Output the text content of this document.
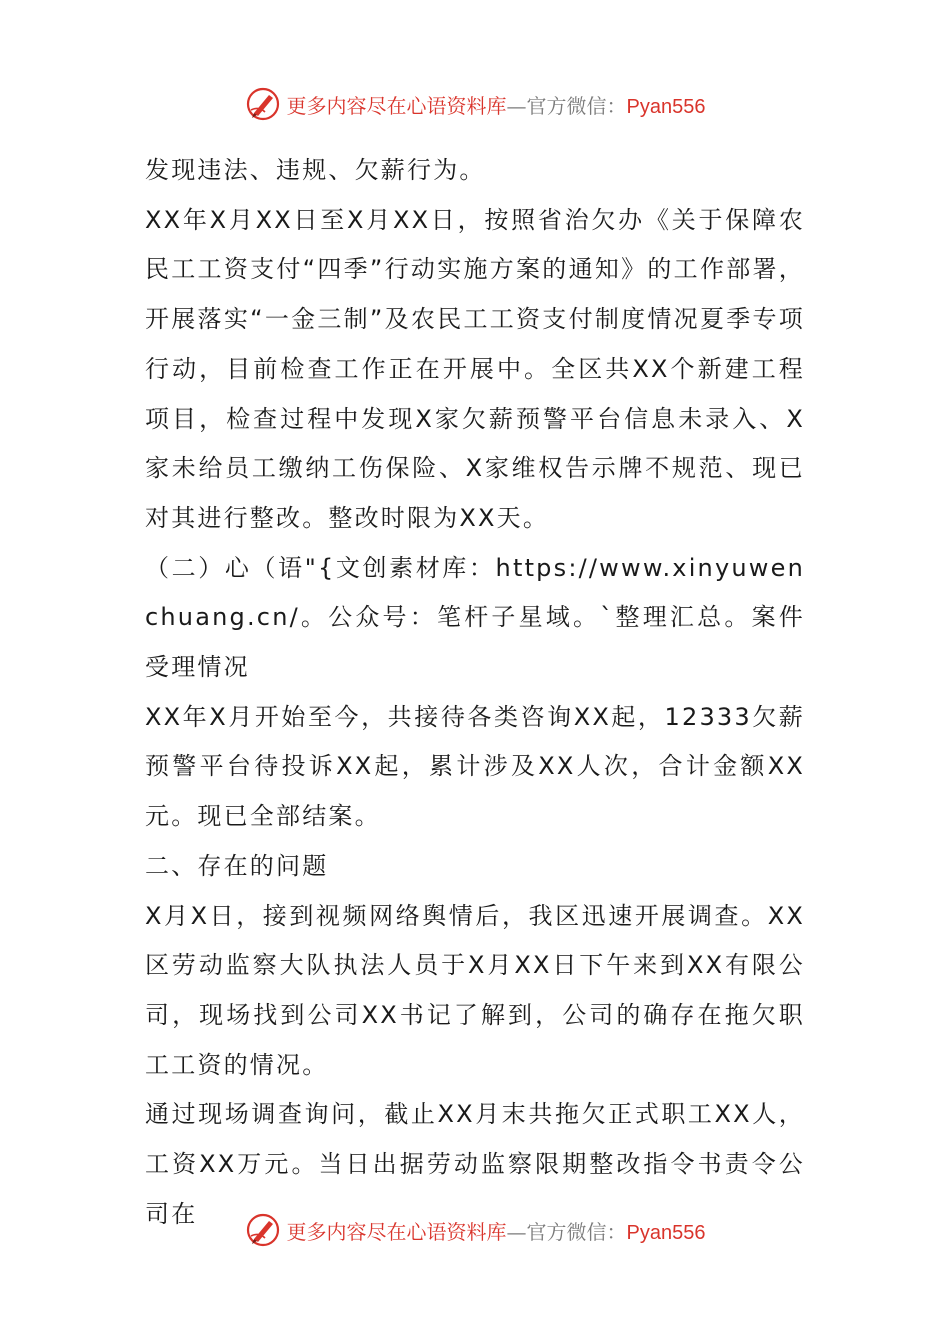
更多内容尽在心语资料库—官方微信：Pyan556

发现违法、违规、欠薪行为。

XX年X月XX日至X月XX日，按照省治欠办《关于保障农民工工资支付“四季”行动实施方案的通知》的工作部署，开展落实“一金三制”及农民工工资支付制度情况夏季专项行动，目前检查工作正在开展中。全区共XX个新建工程项目，检查过程中发现X家欠薪预警平台信息未录入、X家未给员工缴纳工伤保险、X家维权告示牌不规范、现已对其进行整改。整改时限为XX天。

（二）心（语"{文创素材库：https://www.xinyuwenchuang.cn/。公众号：笔杆子星域。`整理汇总。案件受理情况

XX年X月开始至今，共接待各类咨询XX起，12333欠薪预警平台待投诉XX起，累计涉及XX人次，合计金额XX元。现已全部结案。

二、存在的问题

X月X日，接到视频网络舆情后，我区迅速开展调查。XX区劳动监察大队执法人员于X月XX日下午来到XX有限公司，现场找到公司XX书记了解到，公司的确存在拖欠职工工资的情况。

通过现场调查询问，截止XX月末共拖欠正式职工XX人，工资XX万元。当日出据劳动监察限期整改指令书责令公司在

更多内容尽在心语资料库—官方微信：Pyan556
